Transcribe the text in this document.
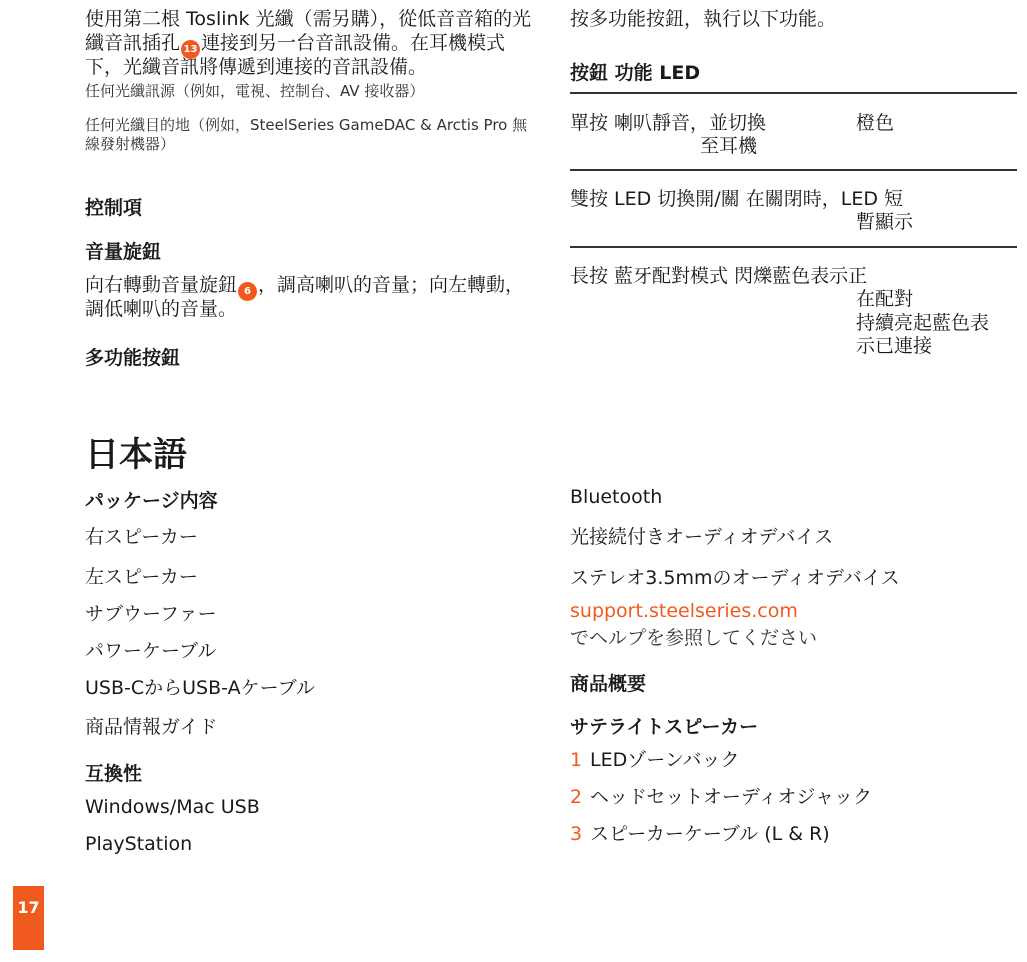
使用第二根 Toslink 光纖（需另購），從低音音箱的光
纖音訊插孔 13 連接到另一台音訊設備。在耳機模式
下，光纖音訊將傳遞到連接的音訊設備。
任何光纖訊源（例如，電視、控制台、AV 接收器）
任何光纖目的地（例如，SteelSeries GameDAC & Arctis Pro 無
線發射機器）
控制項
音量旋鈕
向右轉動音量旋鈕 6 ，調高喇叭的音量；向左轉動，
調低喇叭的音量。
多功能按鈕
按多功能按鈕，執行以下功能。
按鈕 功能 LED
單按 喇叭靜音，並切換
至耳機
橙色
雙按 LED 切換開/關 在關閉時，LED 短
暫顯示
長按 藍牙配對模式 閃爍藍色表示正
在配對
持續亮起藍色表
示已連接
日本語
パッケージ内容
右スピーカー
左スピーカー
サブウーファー
パワーケーブル
USB-CからUSB-Aケーブル
商品情報ガイド
互換性
Windows/Mac USB
PlayStation
Bluetooth
光接続付きオーディオデバイス
ステレオ3.5mmのオーディオデバイス
support.steelseries.com
でヘルプを参照してください
商品概要
サテライトスピーカー
1 LEDゾーンバック
2 ヘッドセットオーディオジャック
3 スピーカーケーブル (L & R)
17
